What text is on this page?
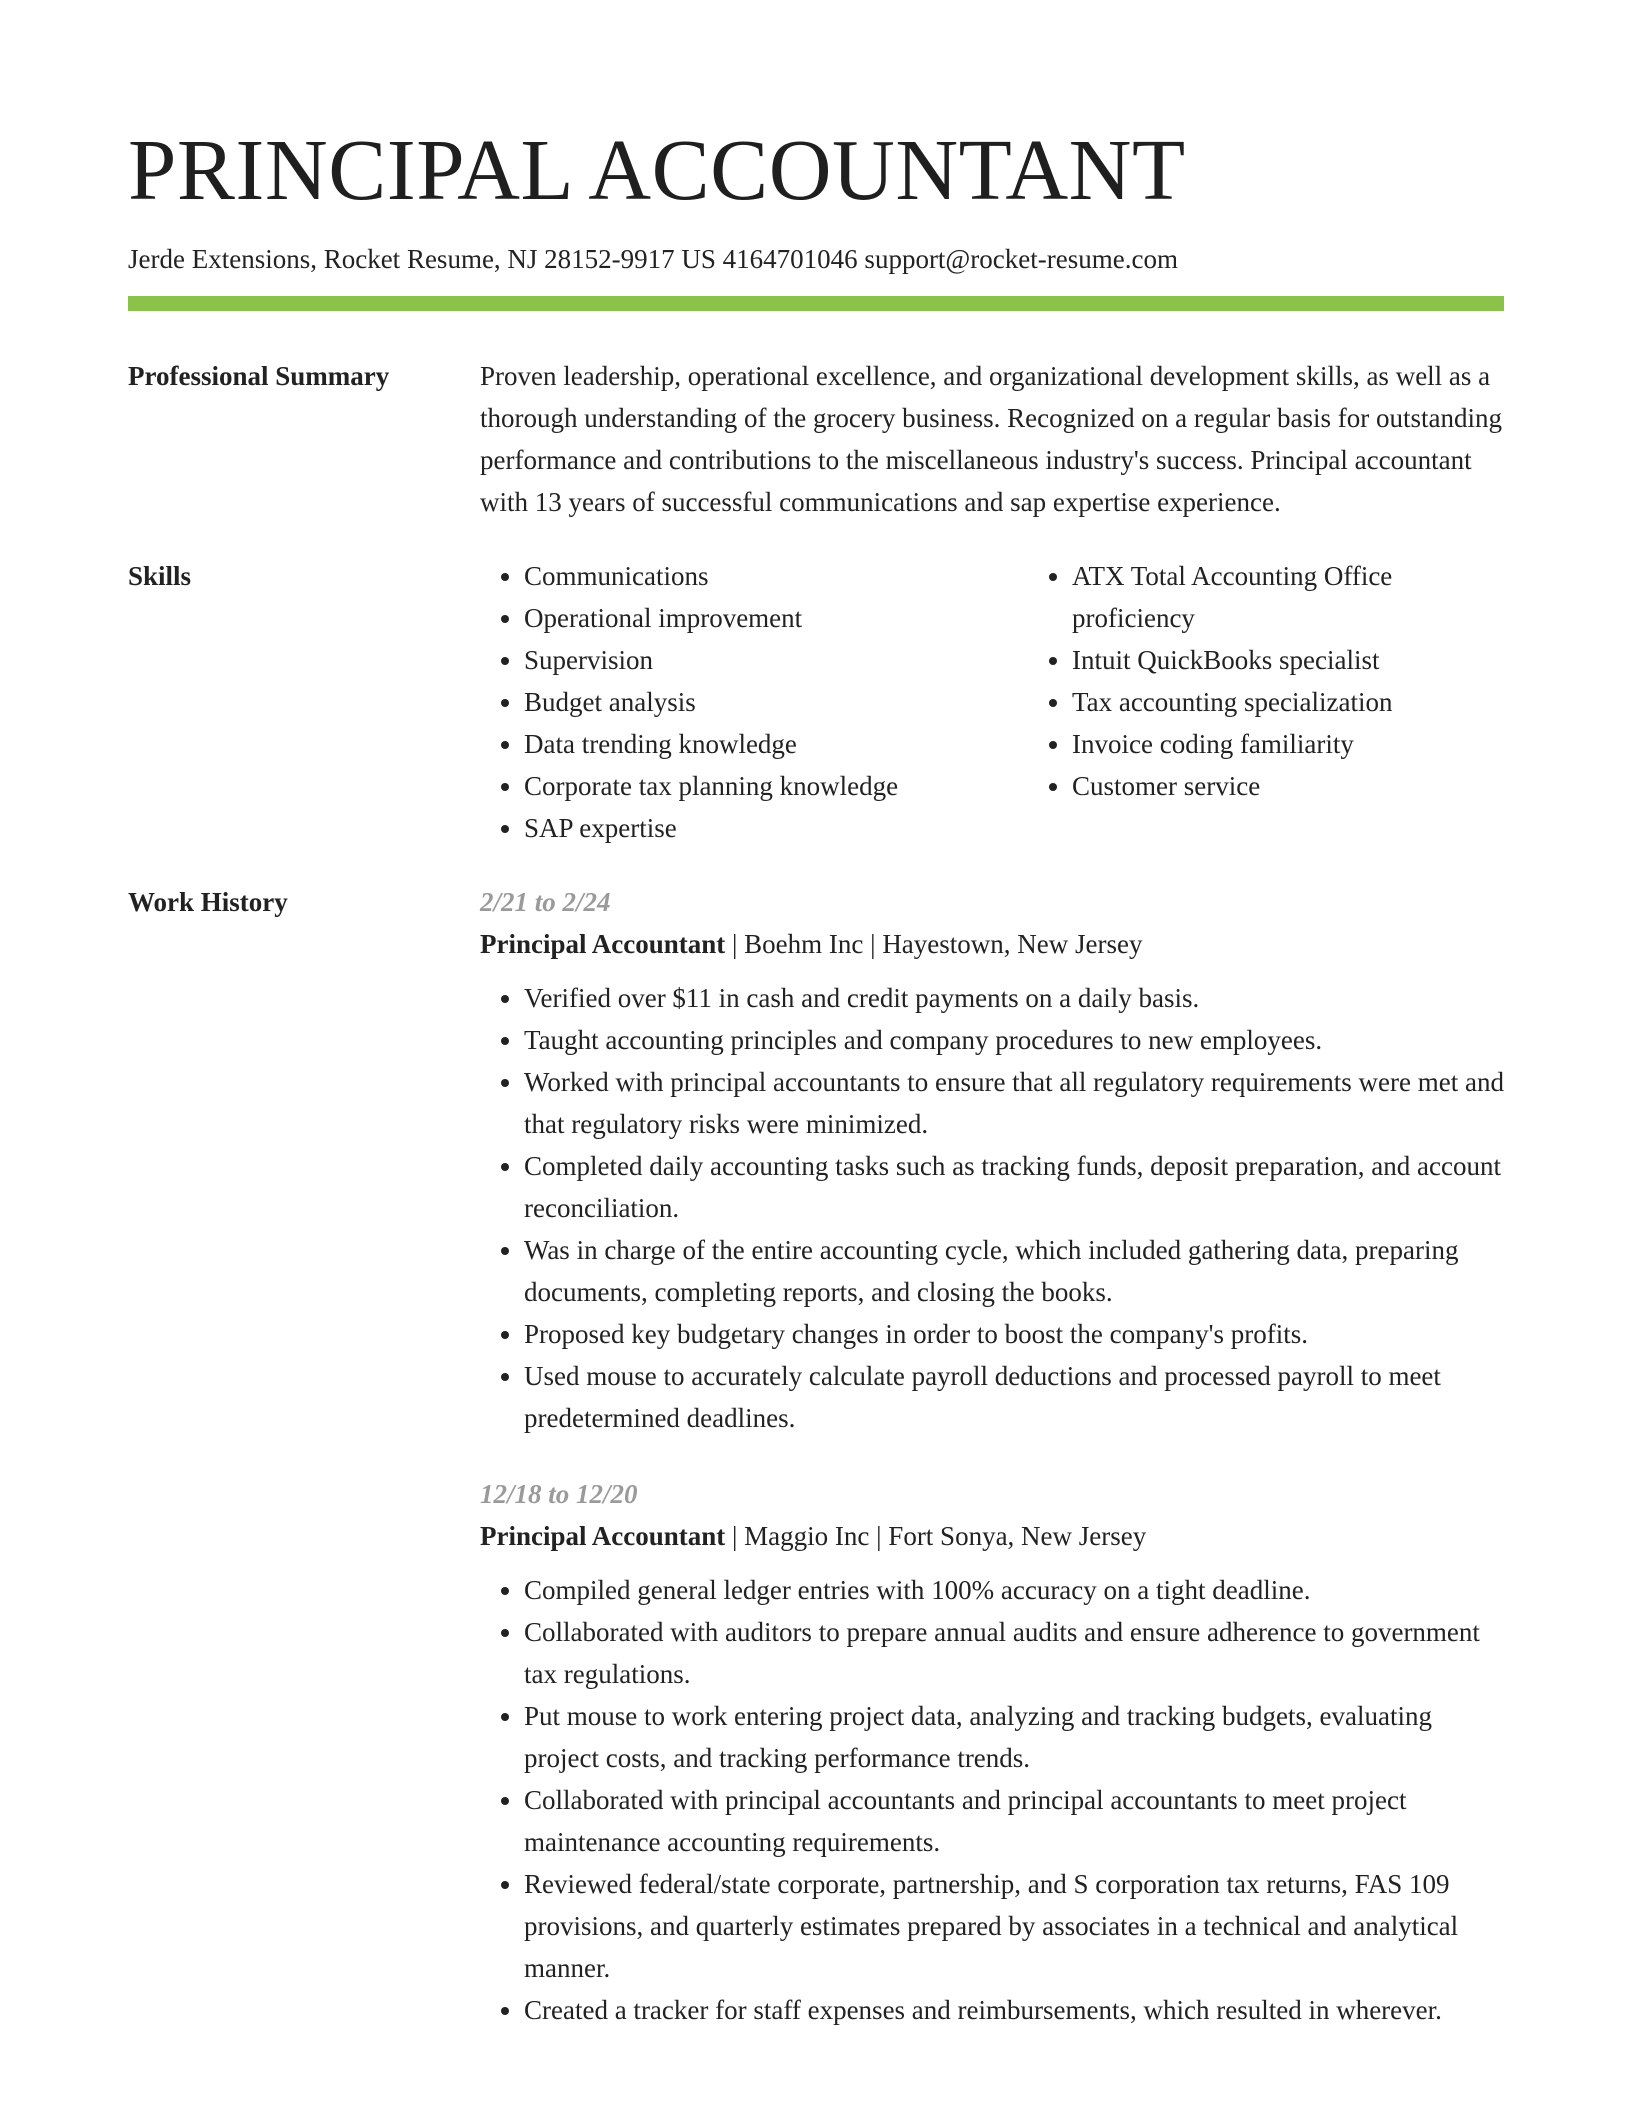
PRINCIPAL ACCOUNTANT
Jerde Extensions, Rocket Resume, NJ 28152-9917 US 4164701046 support@rocket-resume.com
Professional Summary	Proven leadership, operational excellence, and organizational development skills, as well as a thorough understanding of the grocery business. Recognized on a regular basis for outstanding performance and contributions to the miscellaneous industry's success. Principal accountant with 13 years of successful communications and sap expertise experience.

Skills
•	Communications
• Operational improvement
• Supervision
• Budget analysis
• Data trending knowledge
• Corporate tax planning knowledge
• SAP expertise
• ATX Total Accounting Office proficiency
• Intuit QuickBooks specialist
• Tax accounting specialization
• Invoice coding familiarity
• Customer service
Work History	2/21 to 2/24
Principal Accountant | Boehm Inc | Hayestown, New Jersey
• Verified over $11 in cash and credit payments on a daily basis.
• Taught accounting principles and company procedures to new employees.
• Worked with principal accountants to ensure that all regulatory requirements were met and that regulatory risks were minimized.
• Completed daily accounting tasks such as tracking funds, deposit preparation, and account reconciliation.
• Was in charge of the entire accounting cycle, which included gathering data, preparing documents, completing reports, and closing the books.
• Proposed key budgetary changes in order to boost the company's profits.
• Used mouse to accurately calculate payroll deductions and processed payroll to meet predetermined deadlines.
12/18 to 12/20
Principal Accountant | Maggio Inc | Fort Sonya, New Jersey
• Compiled general ledger entries with 100% accuracy on a tight deadline.
• Collaborated with auditors to prepare annual audits and ensure adherence to government tax regulations.
• Put mouse to work entering project data, analyzing and tracking budgets, evaluating project costs, and tracking performance trends.
• Collaborated with principal accountants and principal accountants to meet project maintenance accounting requirements.
• Reviewed federal/state corporate, partnership, and S corporation tax returns, FAS 109 provisions, and quarterly estimates prepared by associates in a technical and analytical manner.
• Created a tracker for staff expenses and reimbursements, which resulted in wherever.
